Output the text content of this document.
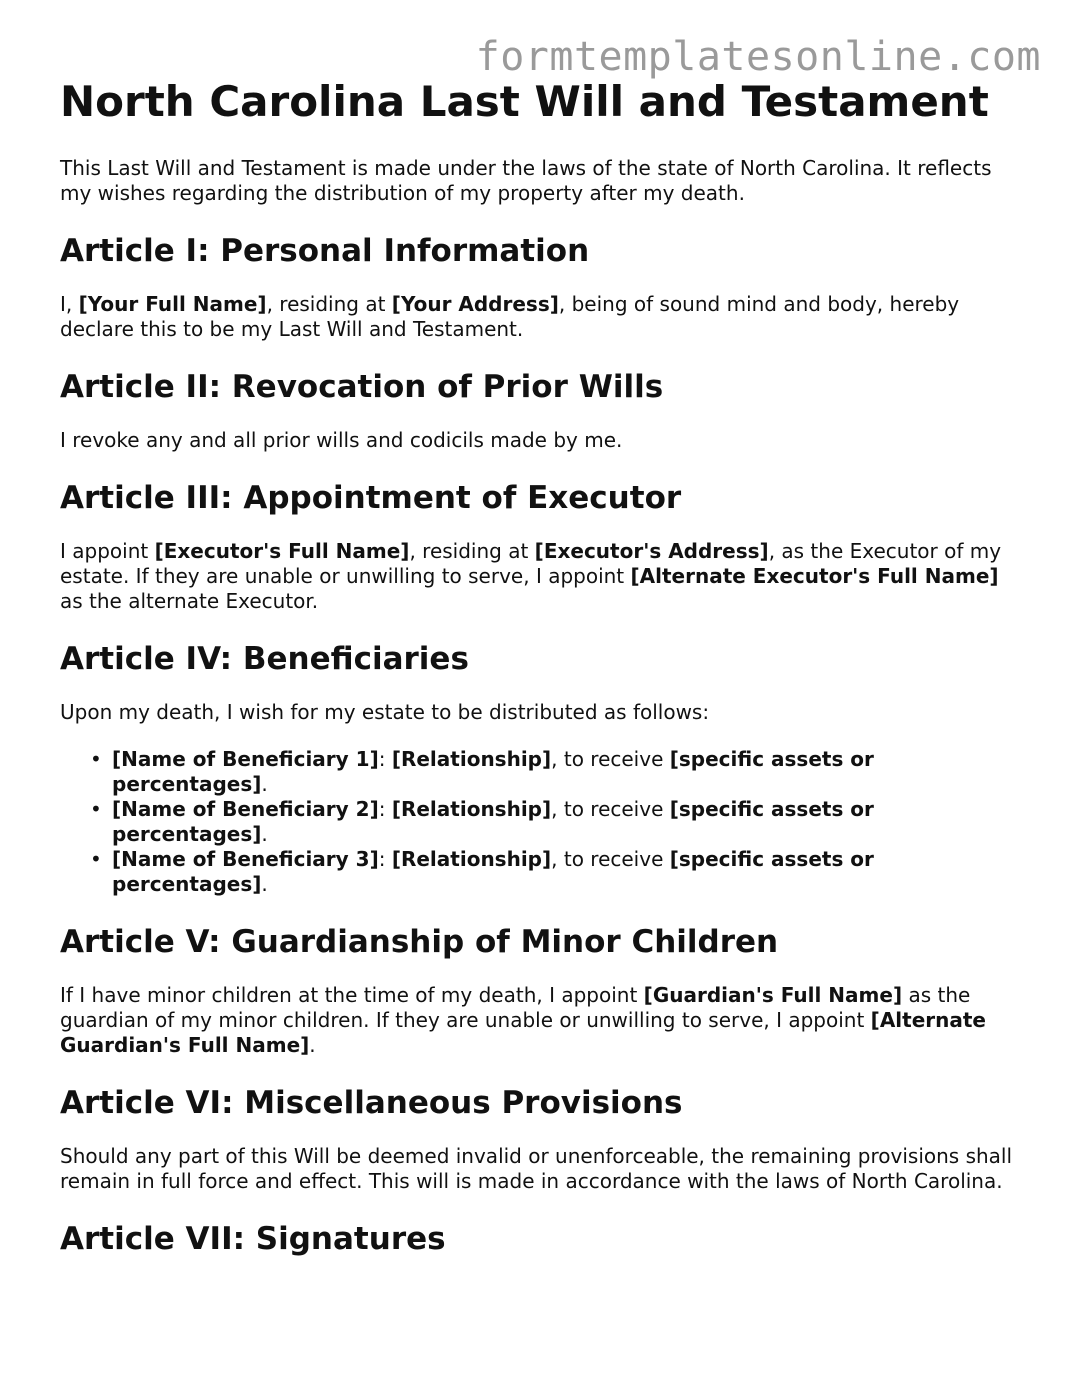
formtemplatesonline.com
North Carolina Last Will and Testament

This Last Will and Testament is made under the laws of the state of North Carolina. It reflects my wishes regarding the distribution of my property after my death.

Article I: Personal Information

I, [Your Full Name], residing at [Your Address], being of sound mind and body, hereby declare this to be my Last Will and Testament.

Article II: Revocation of Prior Wills

I revoke any and all prior wills and codicils made by me.

Article III: Appointment of Executor

I appoint [Executor's Full Name], residing at [Executor's Address], as the Executor of my estate. If they are unable or unwilling to serve, I appoint [Alternate Executor's Full Name] as the alternate Executor.

Article IV: Beneficiaries

Upon my death, I wish for my estate to be distributed as follows:

• [Name of Beneficiary 1]: [Relationship], to receive [specific assets or percentages].
• [Name of Beneficiary 2]: [Relationship], to receive [specific assets or percentages].
• [Name of Beneficiary 3]: [Relationship], to receive [specific assets or percentages].
Article V: Guardianship of Minor Children

If I have minor children at the time of my death, I appoint [Guardian's Full Name] as the guardian of my minor children. If they are unable or unwilling to serve, I appoint [Alternate Guardian's Full Name].

Article VI: Miscellaneous Provisions

Should any part of this Will be deemed invalid or unenforceable, the remaining provisions shall remain in full force and effect. This will is made in accordance with the laws of North Carolina.

Article VII: Signatures
